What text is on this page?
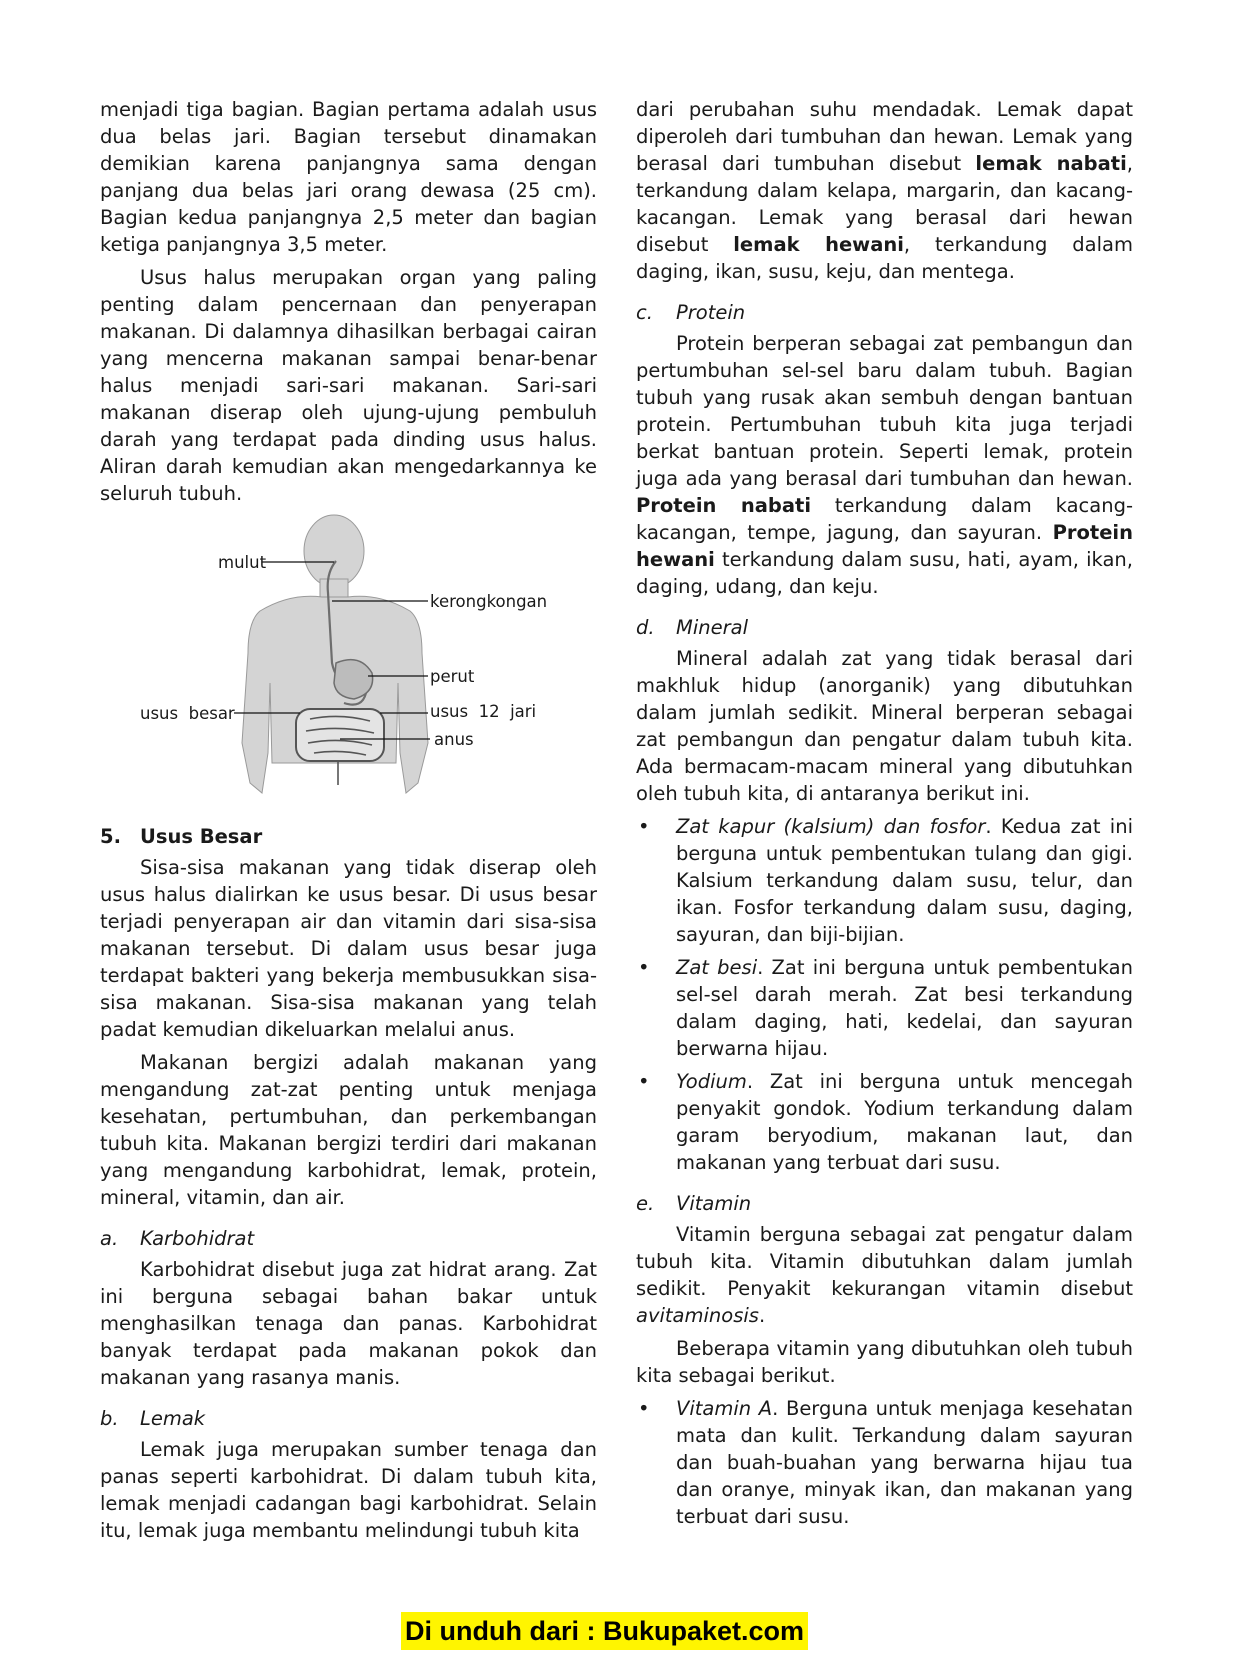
menjadi tiga bagian. Bagian pertama adalah usus dua belas jari. Bagian tersebut dinamakan demikian karena panjangnya sama dengan panjang dua belas jari orang dewasa (25 cm). Bagian kedua panjangnya 2,5 meter dan bagian ketiga panjangnya 3,5 meter.

Usus halus merupakan organ yang paling penting dalam pencernaan dan penyerapan makanan. Di dalamnya dihasilkan berbagai cairan yang mencerna makanan sampai benar-benar halus menjadi sari-sari makanan. Sari-sari makanan diserap oleh ujung-ujung pembuluh darah yang terdapat pada dinding usus halus. Aliran darah kemudian akan mengedarkannya ke seluruh tubuh.

mulut
kerongkongan
perut
usus  besar	usus  12  jari
anus
5. Usus Besar

Sisa-sisa makanan yang tidak diserap oleh usus halus dialirkan ke usus besar. Di usus besar terjadi penyerapan air dan vitamin dari sisa-sisa makanan tersebut. Di dalam usus besar juga terdapat bakteri yang bekerja membusukkan sisa-sisa makanan. Sisa-sisa makanan yang telah padat kemudian dikeluarkan melalui anus.

Makanan bergizi adalah makanan yang mengandung zat-zat penting untuk menjaga kesehatan, pertumbuhan, dan perkembangan tubuh kita. Makanan bergizi terdiri dari makanan yang mengandung karbohidrat, lemak, protein, mineral, vitamin, dan air.

a. Karbohidrat

Karbohidrat disebut juga zat hidrat arang. Zat ini berguna sebagai bahan bakar untuk menghasilkan tenaga dan panas. Karbohidrat banyak terdapat pada makanan pokok dan makanan yang rasanya manis.

b. Lemak

Lemak juga merupakan sumber tenaga dan panas seperti karbohidrat. Di dalam tubuh kita, lemak menjadi cadangan bagi karbohidrat. Selain itu, lemak juga membantu melindungi tubuh kita

dari perubahan suhu mendadak. Lemak dapat diperoleh dari tumbuhan dan hewan. Lemak yang berasal dari tumbuhan disebut lemak nabati, terkandung dalam kelapa, margarin, dan kacang-kacangan. Lemak yang berasal dari hewan disebut lemak hewani, terkandung dalam daging, ikan, susu, keju, dan mentega.

c. Protein

Protein berperan sebagai zat pembangun dan pertumbuhan sel-sel baru dalam tubuh. Bagian tubuh yang rusak akan sembuh dengan bantuan protein. Pertumbuhan tubuh kita juga terjadi berkat bantuan protein. Seperti lemak, protein juga ada yang berasal dari tumbuhan dan hewan. Protein nabati terkandung dalam kacang-kacangan, tempe, jagung, dan sayuran. Protein hewani terkandung dalam susu, hati, ayam, ikan, daging, udang, dan keju.

d. Mineral

Mineral adalah zat yang tidak berasal dari makhluk hidup (anorganik) yang dibutuhkan dalam jumlah sedikit. Mineral berperan sebagai zat pembangun dan pengatur dalam tubuh kita. Ada bermacam-macam mineral yang dibutuhkan oleh tubuh kita, di antaranya berikut ini.

• Zat kapur (kalsium) dan fosfor. Kedua zat ini berguna untuk pembentukan tulang dan gigi. Kalsium terkandung dalam susu, telur, dan ikan. Fosfor terkandung dalam susu, daging, sayuran, dan biji-bijian.
• Zat besi. Zat ini berguna untuk pembentukan sel-sel darah merah. Zat besi terkandung dalam daging, hati, kedelai, dan sayuran berwarna hijau.
• Yodium. Zat ini berguna untuk mencegah penyakit gondok. Yodium terkandung dalam garam beryodium, makanan laut, dan makanan yang terbuat dari susu.
e. Vitamin

Vitamin berguna sebagai zat pengatur dalam tubuh kita. Vitamin dibutuhkan dalam jumlah sedikit. Penyakit kekurangan vitamin disebut avitaminosis.

Beberapa vitamin yang dibutuhkan oleh tubuh kita sebagai berikut.

• Vitamin A. Berguna untuk menjaga kesehatan mata dan kulit. Terkandung dalam sayuran dan buah-buahan yang berwarna hijau tua dan oranye, minyak ikan, dan makanan yang terbuat dari susu.
Di unduh dari : Bukupaket.com
